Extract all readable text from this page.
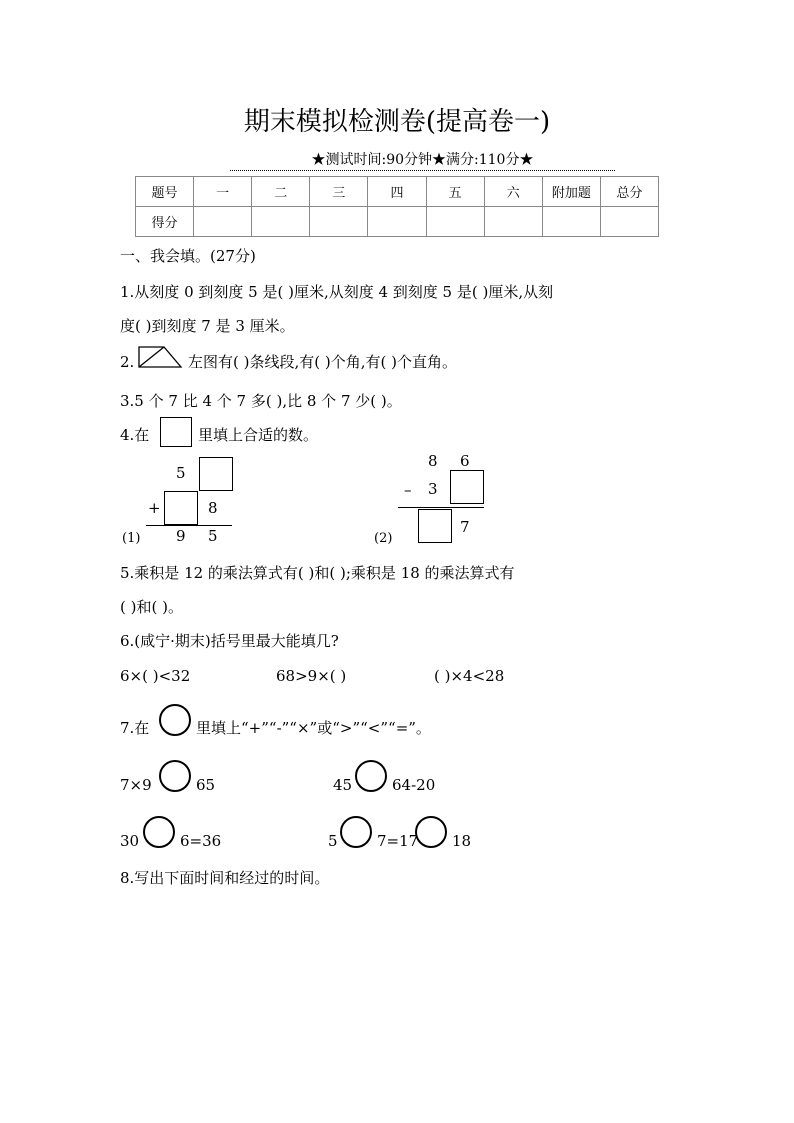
期末模拟检测卷(提高卷一)
★测试时间:90分钟★满分:110分★
题号	一	二	三	四	五	六	附加题	总分
得分								
一、我会填。(27分)
1.从刻度 0 到刻度 5 是( )厘米,从刻度 4 到刻度 5 是( )厘米,从刻
度( )到刻度 7 是 3 厘米。
2.	左图有( )条线段,有( )个角,有( )个直角。
3.5 个 7 比 4 个 7 多( ),比 8 个 7 少( )。
4.在	里填上合适的数。
5
+	8
9 5
(1)
8 6
– 3
7
(2)
5.乘积是 12 的乘法算式有( )和( );乘积是 18 的乘法算式有
( )和( )。
6.(咸宁·期末)括号里最大能填几?
6×( )<32	68>9×( )	( )×4<28
7.在	里填上“+”“-”“×”或“>”“<”“=”。
7×9	65	45	64-20
30	6=36	5	7=17 18
8.写出下面时间和经过的时间。
